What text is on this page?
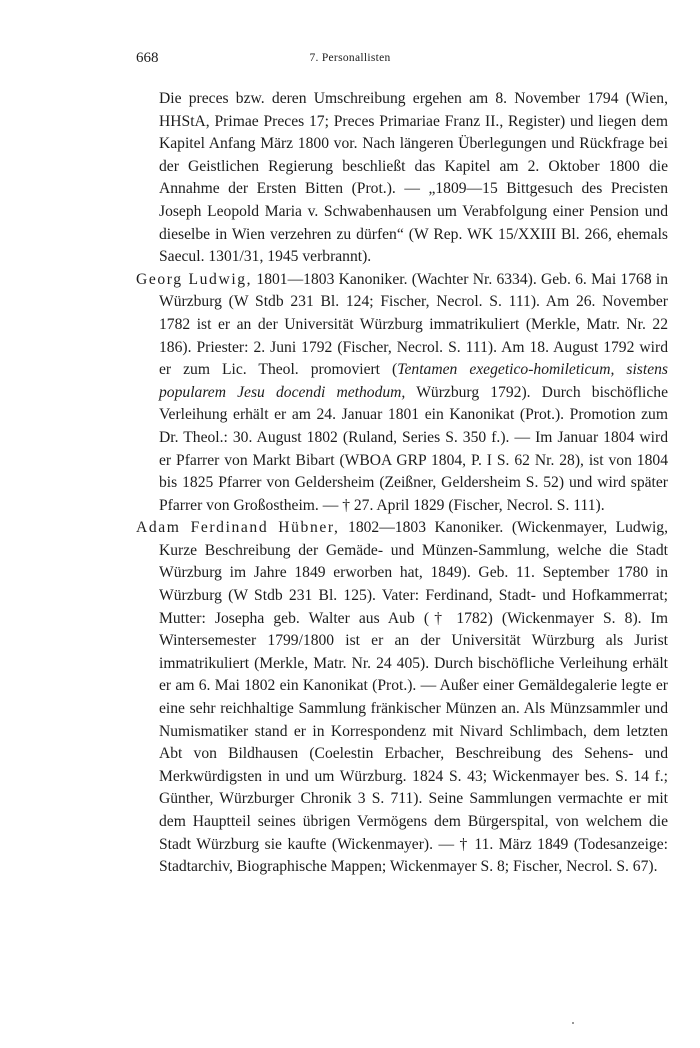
668	7. Personallisten

Die preces bzw. deren Umschreibung ergehen am 8. November 1794 (Wien, HHStA, Primae Preces 17; Preces Primariae Franz II., Register) und liegen dem Kapitel Anfang März 1800 vor. Nach längeren Überlegungen und Rückfrage bei der Geistlichen Regierung beschließt das Kapitel am 2. Oktober 1800 die Annahme der Ersten Bitten (Prot.). — „1809—15 Bittgesuch des Precisten Joseph Leopold Maria v. Schwabenhausen um Verabfolgung einer Pension und dieselbe in Wien verzehren zu dürfen“ (W Rep. WK 15/XXIII Bl. 266, ehemals Saecul. 1301/31, 1945 verbrannt).

Georg Ludwig, 1801—1803 Kanoniker. (Wachter Nr. 6334). Geb. 6. Mai 1768 in Würzburg (W Stdb 231 Bl. 124; Fischer, Necrol. S. 111). Am 26. November 1782 ist er an der Universität Würzburg immatrikuliert (Merkle, Matr. Nr. 22 186). Priester: 2. Juni 1792 (Fischer, Necrol. S. 111). Am 18. August 1792 wird er zum Lic. Theol. promoviert (Tentamen exegetico-homileticum, sistens popularem Jesu docendi methodum, Würzburg 1792). Durch bischöfliche Verleihung erhält er am 24. Januar 1801 ein Kanonikat (Prot.). Promotion zum Dr. Theol.: 30. August 1802 (Ruland, Series S. 350 f.). — Im Januar 1804 wird er Pfarrer von Markt Bibart (WBOA GRP 1804, P. I S. 62 Nr. 28), ist von 1804 bis 1825 Pfarrer von Geldersheim (Zeißner, Geldersheim S. 52) und wird später Pfarrer von Großostheim. — † 27. April 1829 (Fischer, Necrol. S. 111).

Adam Ferdinand Hübner, 1802—1803 Kanoniker. (Wickenmayer, Ludwig, Kurze Beschreibung der Gemäde- und Münzen-Sammlung, welche die Stadt Würzburg im Jahre 1849 erworben hat, 1849). Geb. 11. September 1780 in Würzburg (W Stdb 231 Bl. 125). Vater: Ferdinand, Stadt- und Hofkammerrat; Mutter: Josepha geb. Walter aus Aub († 1782) (Wickenmayer S. 8). Im Wintersemester 1799/1800 ist er an der Universität Würzburg als Jurist immatrikuliert (Merkle, Matr. Nr. 24 405). Durch bischöfliche Verleihung erhält er am 6. Mai 1802 ein Kanonikat (Prot.). — Außer einer Gemäldegalerie legte er eine sehr reichhaltige Sammlung fränkischer Münzen an. Als Münzsammler und Numismatiker stand er in Korrespondenz mit Nivard Schlimbach, dem letzten Abt von Bildhausen (Coelestin Erbacher, Beschreibung des Sehens- und Merkwürdigsten in und um Würzburg. 1824 S. 43; Wickenmayer bes. S. 14 f.; Günther, Würzburger Chronik 3 S. 711). Seine Sammlungen vermachte er mit dem Hauptteil seines übrigen Vermögens dem Bürgerspital, von welchem die Stadt Würzburg sie kaufte (Wickenmayer). — † 11. März 1849 (Todesanzeige: Stadtarchiv, Biographische Mappen; Wickenmayer S. 8; Fischer, Necrol. S. 67).
